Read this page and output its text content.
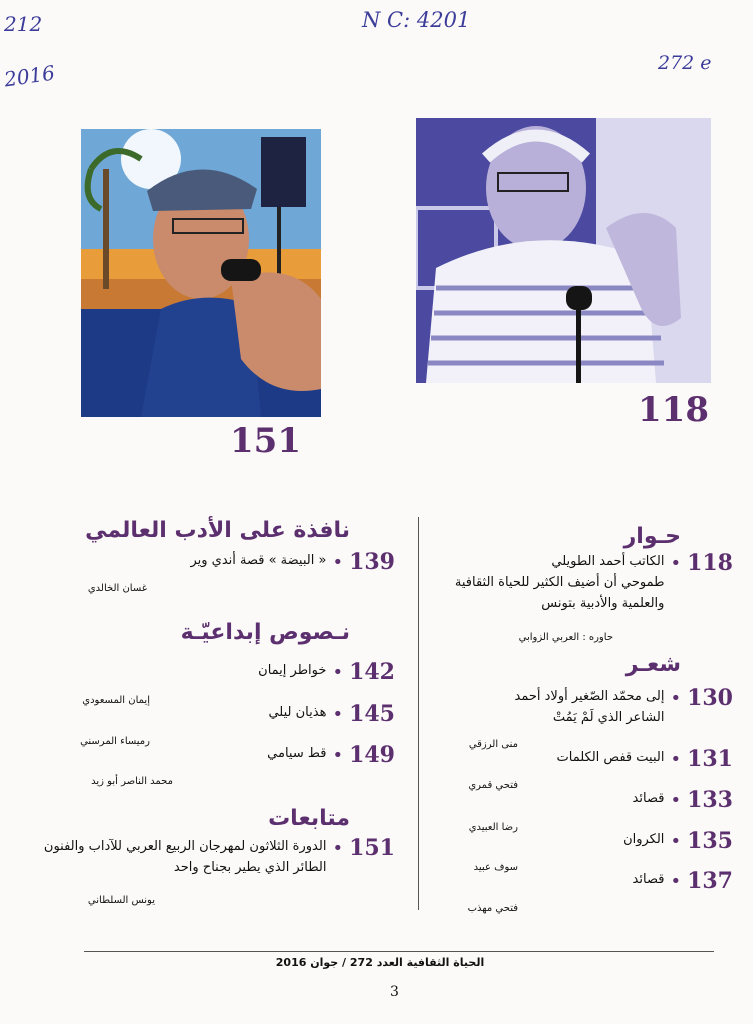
212
2016
N C: 4201
272 e
151
118
حـوار
118
•
الكاتب أحمد الطويلي
طموحي أن أضيف الكثير للحياة الثقافية
والعلمية والأدبية بتونس
حاوره : العربي الزوابي
شعـر
130
•
إلى محمّد الصّغير أولاد أحمد
الشاعر الذي لَمْ يَمُتْ
منى الرزقي
131
•
البيت قفص الكلمات
فتحي قمري
133
•
قصائد
رضا العبيدي
135
•
الكروان
سوف عبيد
137
•
قصائد
فتحي مهذب
نافذة على الأدب العالمي
139
•
« البيضة » قصة أندي وير
غسان الخالدي
نـصوص إبداعيّـة
142
•
خواطر إيمان
إيمان المسعودي
145
•
هذيان ليلي
رميساء المرسني
149
•
قط سيامي
محمد الناصر أبو زيد
متابعات
151
•
الدورة الثلاثون لمهرجان الربيع العربي للآداب والفنون
الطائر الذي يطير بجناح واحد
يونس السلطاني
الحياة الثقافية العدد 272 / جوان 2016
3
